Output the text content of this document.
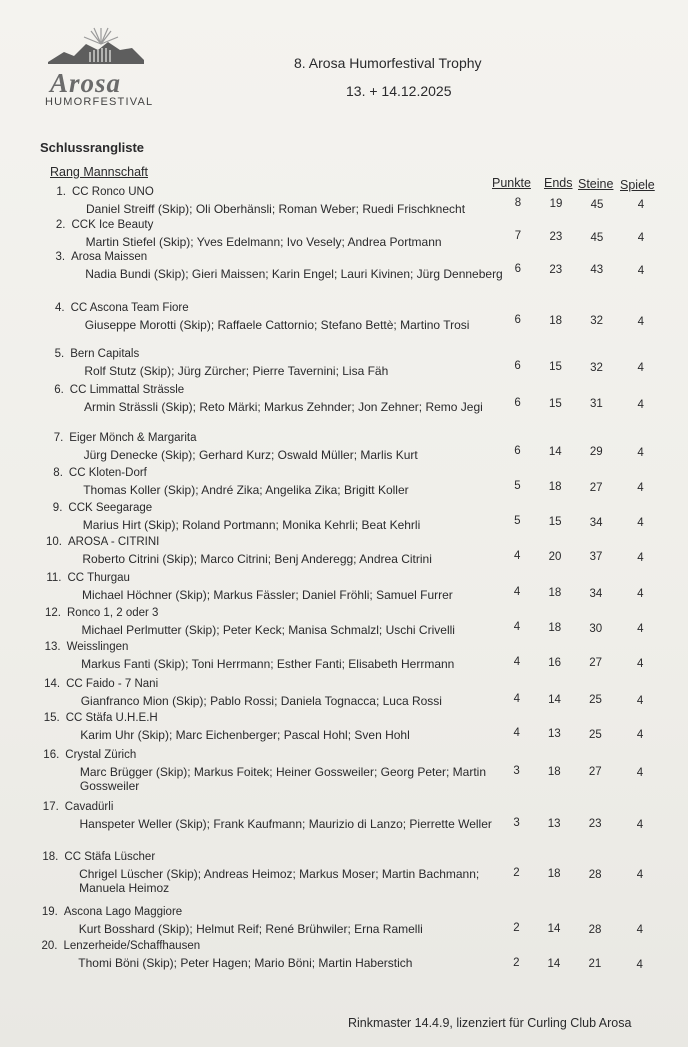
Arosa
HUMORFESTIVAL
8. Arosa Humorfestival Trophy
13. + 14.12.2025
Schlussrangliste
Rang Mannschaft
Punkte Ends Steine Spiele
1. CC Ronco UNO
Daniel Streiff (Skip); Oli Oberhänsli; Roman Weber; Ruedi Frischknecht	8	19	45	4
2. CCK Ice Beauty
Martin Stiefel (Skip); Yves Edelmann; Ivo Vesely; Andrea Portmann	7	23	45	4
3. Arosa Maissen
Nadia Bundi (Skip); Gieri Maissen; Karin Engel; Lauri Kivinen; Jürg Denneberg	6	23	43	4
4. CC Ascona Team Fiore
Giuseppe Morotti (Skip); Raffaele Cattornio; Stefano Bettè; Martino Trosi	6	18	32	4
5. Bern Capitals
Rolf Stutz (Skip); Jürg Zürcher; Pierre Tavernini; Lisa Fäh	6	15	32	4
6. CC Limmattal Strässle
Armin Strässli (Skip); Reto Märki; Markus Zehnder; Jon Zehner; Remo Jegi	6	15	31	4
7. Eiger Mönch & Margarita
Jürg Denecke (Skip); Gerhard Kurz; Oswald Müller; Marlis Kurt	6	14	29	4
8. CC Kloten-Dorf
Thomas Koller (Skip); André Zika; Angelika Zika; Brigitt Koller	5	18	27	4
9. CCK Seegarage
Marius Hirt (Skip); Roland Portmann; Monika Kehrli; Beat Kehrli	5	15	34	4
10. AROSA - CITRINI
Roberto Citrini (Skip); Marco Citrini; Benj Anderegg; Andrea Citrini	4	20	37	4
11. CC Thurgau
Michael Höchner (Skip); Markus Fässler; Daniel Fröhli; Samuel Furrer	4	18	34	4
12. Ronco 1, 2 oder 3
Michael Perlmutter (Skip); Peter Keck; Manisa Schmalzl; Uschi Crivelli	4	18	30	4
13. Weisslingen
Markus Fanti (Skip); Toni Herrmann; Esther Fanti; Elisabeth Herrmann	4	16	27	4
14. CC Faido - 7 Nani
Gianfranco Mion (Skip); Pablo Rossi; Daniela Tognacca; Luca Rossi	4	14	25	4
15. CC Stäfa U.H.E.H
Karim Uhr (Skip); Marc Eichenberger; Pascal Hohl; Sven Hohl	4	13	25	4
16. Crystal Zürich
Marc Brügger (Skip); Markus Foitek; Heiner Gossweiler; Georg Peter; Martin Gossweiler
3	18	27	4
17. Cavadürli
Hanspeter Weller (Skip); Frank Kaufmann; Maurizio di Lanzo; Pierrette Weller	3	13	23	4
18. CC Stäfa Lüscher
Chrigel Lüscher (Skip); Andreas Heimoz; Markus Moser; Martin Bachmann; Manuela Heimoz
2	18	28	4
19. Ascona Lago Maggiore
Kurt Bosshard (Skip); Helmut Reif; René Brühwiler; Erna Ramelli	2	14	28	4
20. Lenzerheide/Schaffhausen
Thomi Böni (Skip); Peter Hagen; Mario Böni; Martin Haberstich	2	14	21	4
Rinkmaster 14.4.9, lizenziert für Curling Club Arosa
